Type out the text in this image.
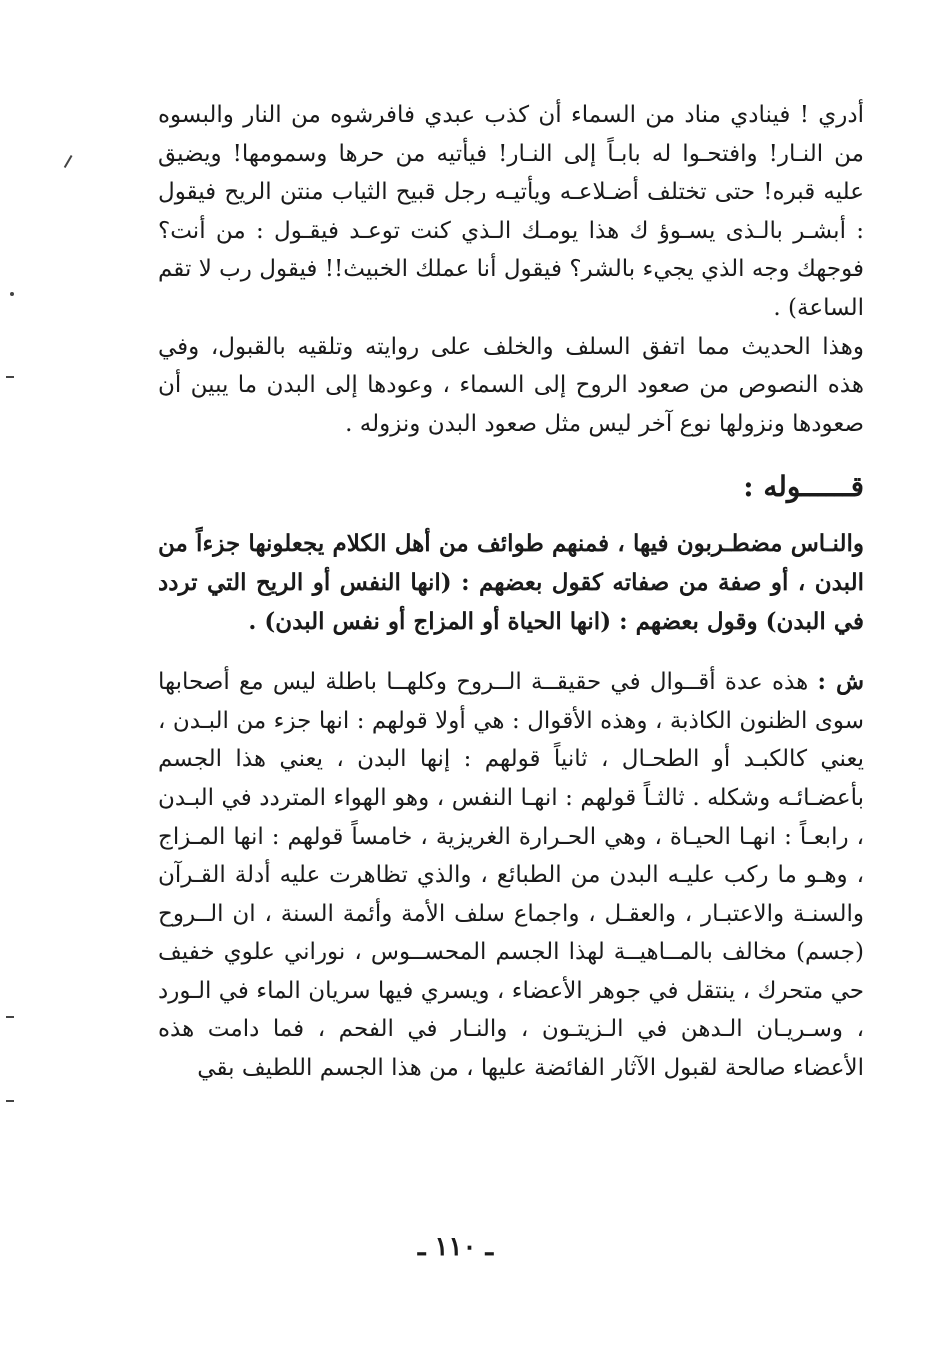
أدري ! فينادي مناد من السماء أن كذب عبدي فافرشوه من النار والبسوه من النـار! وافتحـوا له بابـاً إلى النـار! فيأتيه من حرها وسمومها! ويضيق عليه قبره! حتى تختلف أضـلاعـه ويأتيـه رجل قبيح الثياب منتن الريح فيقول : أبشـر بالـذى يسـوؤ ك هذا يومـك الـذي كنت توعـد فيقـول : من أنت؟ فوجهك وجه الذي يجيء بالشر؟ فيقول أنا عملك الخبيث!! فيقول رب لا تقم الساعة) .

وهذا الحديث مما اتفق السلف والخلف على روايته وتلقيه بالقبول، وفي هذه النصوص من صعود الروح إلى السماء ، وعودها إلى البدن ما يبين أن صعودها ونزولها نوع آخر ليس مثل صعود البدن ونزوله .

قــــــوله :

والنـاس مضطـربون فيها ، فمنهم طوائف من أهل الكلام يجعلونها جزءاً من البدن ، أو صفة من صفاته كقول بعضهم : (انها النفس أو الريح التي تردد في البدن) وقول بعضهم : (انها الحياة أو المزاج أو نفس البدن) .

ش : هذه عدة أقــوال في حقيقــة الــروح وكلهــا باطلة ليس مع أصحابها سوى الظنون الكاذبة ، وهذه الأقوال : هي أولا قولهم : انها جزء من البـدن ، يعني كالكبـد أو الطحـال ، ثانياً قولهم : إنها البدن ، يعني هذا الجسم بأعضـائـه وشكله . ثالثـاً قولهم : انهـا النفس ، وهو الهواء المتردد في البـدن ، رابعـاً : انهـا الحيـاة ، وهي الحـرارة الغريزية ، خامساً قولهم : انها المـزاج ، وهـو ما ركب عليـه البدن من الطبائع ، والذي تظاهرت عليه أدلة القـرآن والسنـة والاعتبـار ، والعقـل ، واجماع سلف الأمة وأئمة السنة ، ان الــروح (جسم) مخالف بالمــاهيــة لهذا الجسم المحســوس ، نوراني علوي خفيف حي متحرك ، ينتقل في جوهر الأعضاء ، ويسري فيها سريان الماء في الـورد ، وسـريـان الـدهن في الـزيتـون ، والنـار في الفحم ، فما دامت هذه الأعضاء صالحة لقبول الآثار الفائضة عليها ، من هذا الجسم اللطيف بقي

ـ ١١٠ ـ
